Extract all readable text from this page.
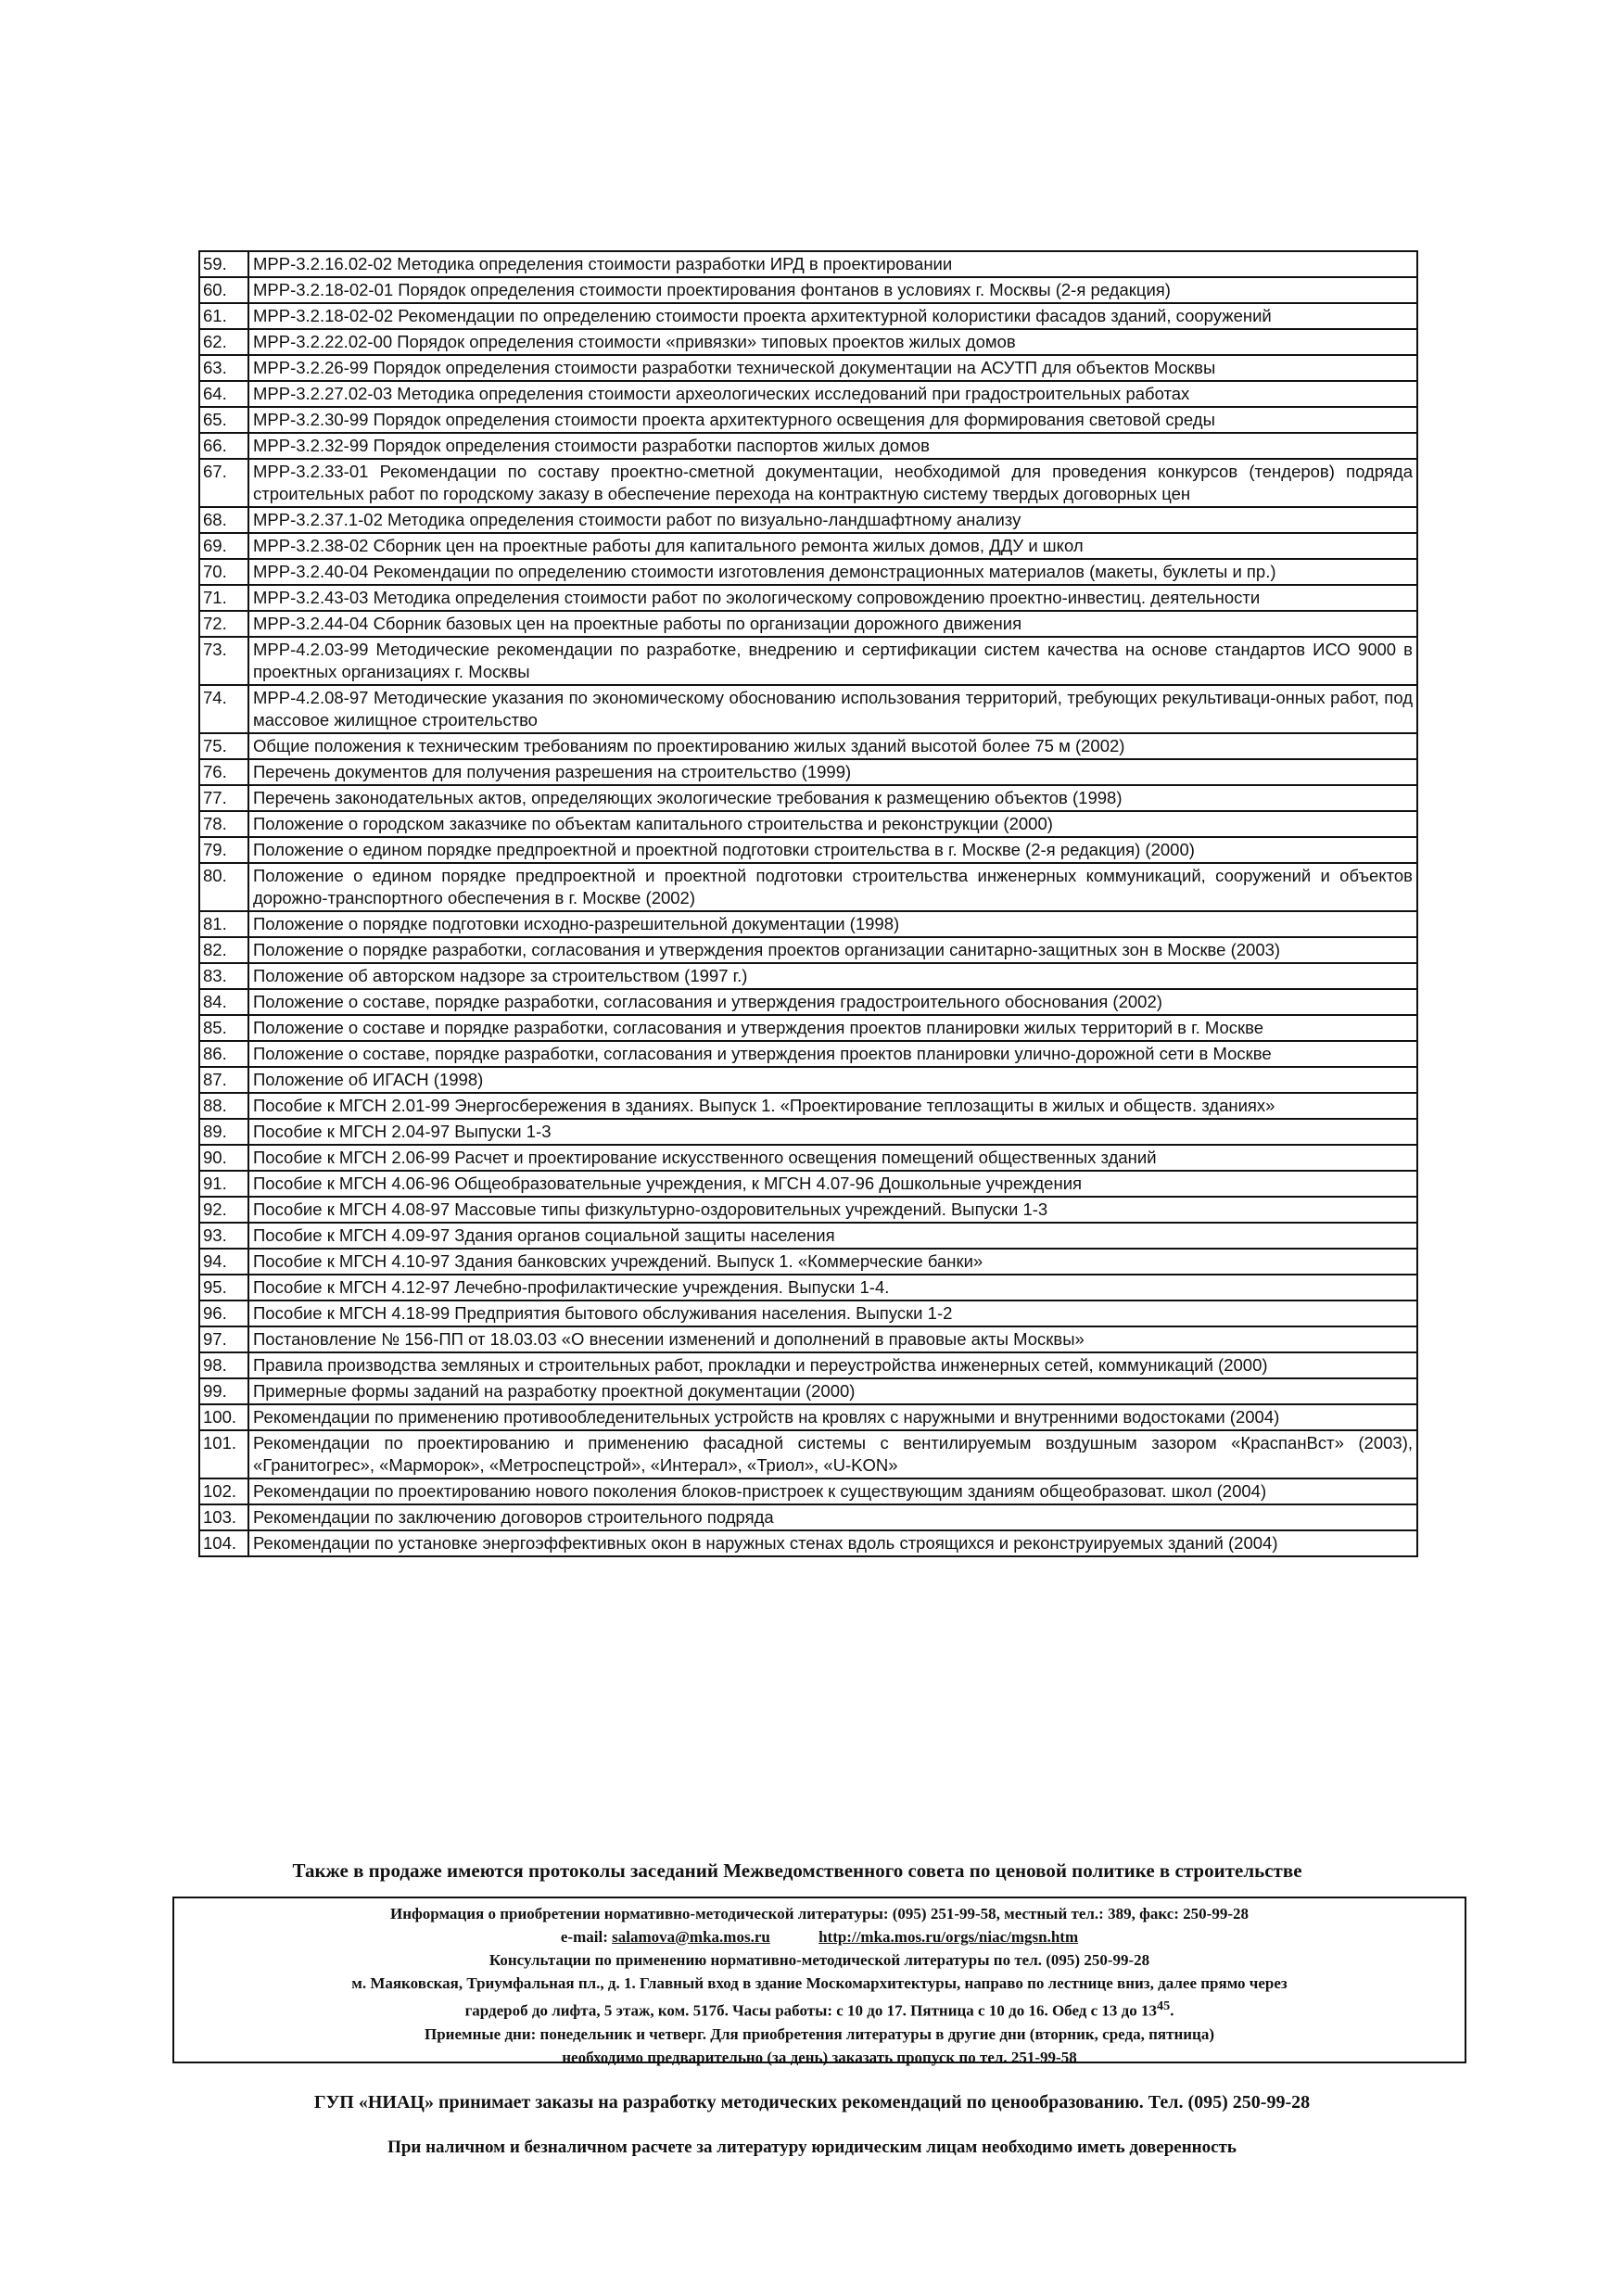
59.	МРР-3.2.16.02-02 Методика определения стоимости разработки ИРД в проектировании
60.	МРР-3.2.18-02-01 Порядок определения стоимости проектирования фонтанов в условиях г. Москвы (2-я редакция)
61.	МРР-3.2.18-02-02 Рекомендации по определению стоимости проекта архитектурной колористики фасадов зданий, сооружений
62.	МРР-3.2.22.02-00 Порядок определения стоимости «привязки» типовых проектов жилых домов
63.	МРР-3.2.26-99 Порядок определения стоимости разработки технической документации на АСУТП для объектов Москвы
64.	МРР-3.2.27.02-03 Методика определения стоимости археологических исследований при градостроительных работах
65.	МРР-3.2.30-99 Порядок определения стоимости проекта архитектурного освещения для формирования световой среды
66.	МРР-3.2.32-99 Порядок определения стоимости разработки паспортов жилых домов
67.	МРР-3.2.33-01 Рекомендации по составу проектно-сметной документации, необходимой для проведения конкурсов (тендеров) подряда строительных работ по городскому заказу в обеспечение перехода на контрактную систему твердых договорных цен
68.	МРР-3.2.37.1-02 Методика определения стоимости работ по визуально-ландшафтному анализу
69.	МРР-3.2.38-02 Сборник цен на проектные работы для капитального ремонта жилых домов, ДДУ и школ
70.	МРР-3.2.40-04 Рекомендации по определению стоимости изготовления демонстрационных материалов (макеты, буклеты и пр.)
71.	МРР-3.2.43-03 Методика определения стоимости работ по экологическому сопровождению проектно-инвестиц. деятельности
72.	МРР-3.2.44-04 Сборник базовых цен на проектные работы по организации дорожного движения
73.	МРР-4.2.03-99 Методические рекомендации по разработке, внедрению и сертификации систем качества на основе стандартов ИСО 9000 в проектных организациях г. Москвы
74.	МРР-4.2.08-97 Методические указания по экономическому обоснованию использования территорий, требующих рекультиваци-онных работ, под массовое жилищное строительство
75.	Общие положения к техническим требованиям по проектированию жилых зданий высотой более 75 м (2002)
76.	Перечень документов для получения разрешения на строительство (1999)
77.	Перечень законодательных актов, определяющих экологические требования к размещению объектов (1998)
78.	Положение о городском заказчике по объектам капитального строительства и реконструкции (2000)
79.	Положение о едином порядке предпроектной и проектной подготовки строительства в г. Москве (2-я редакция) (2000)
80.	Положение о едином порядке предпроектной и проектной подготовки строительства инженерных коммуникаций, сооружений и объектов дорожно-транспортного обеспечения в г. Москве (2002)
81.	Положение о порядке подготовки исходно-разрешительной документации (1998)
82.	Положение о порядке разработки, согласования и утверждения проектов организации санитарно-защитных зон в Москве (2003)
83.	Положение об авторском надзоре за строительством (1997 г.)
84.	Положение о составе, порядке разработки, согласования и утверждения градостроительного обоснования (2002)
85.	Положение о составе и порядке разработки, согласования и утверждения проектов планировки жилых территорий в г. Москве
86.	Положение о составе, порядке разработки, согласования и утверждения проектов планировки улично-дорожной сети в Москве
87.	Положение об ИГАСН (1998)
88.	Пособие к МГСН 2.01-99 Энергосбережения в зданиях. Выпуск 1. «Проектирование теплозащиты в жилых и обществ. зданиях»
89.	Пособие к МГСН 2.04-97 Выпуски 1-3
90.	Пособие к МГСН 2.06-99 Расчет и проектирование искусственного освещения помещений общественных зданий
91.	Пособие к МГСН 4.06-96 Общеобразовательные учреждения, к МГСН 4.07-96 Дошкольные учреждения
92.	Пособие к МГСН 4.08-97 Массовые типы физкультурно-оздоровительных учреждений. Выпуски 1-3
93.	Пособие к МГСН 4.09-97 Здания органов социальной защиты населения
94.	Пособие к МГСН 4.10-97 Здания банковских учреждений. Выпуск 1. «Коммерческие банки»
95.	Пособие к МГСН 4.12-97 Лечебно-профилактические учреждения. Выпуски 1-4.
96.	Пособие к МГСН 4.18-99 Предприятия бытового обслуживания населения. Выпуски 1-2
97.	Постановление № 156-ПП от 18.03.03 «О внесении изменений и дополнений в правовые акты Москвы»
98.	Правила производства земляных и строительных работ, прокладки и переустройства инженерных сетей, коммуникаций (2000)
99.	Примерные формы заданий на разработку проектной документации (2000)
100.	Рекомендации по применению противообледенительных устройств на кровлях с наружными и внутренними водостоками (2004)
101.	Рекомендации по проектированию и применению фасадной системы с вентилируемым воздушным зазором «КраспанВст» (2003), «Гранитогрес», «Марморок», «Метроспецстрой», «Интерал», «Триол», «U-KON»
102.	Рекомендации по проектированию нового поколения блоков-пристроек к существующим зданиям общеобразоват. школ (2004)
103.	Рекомендации по заключению договоров строительного подряда
104.	Рекомендации по установке энергоэффективных окон в наружных стенах вдоль строящихся и реконструируемых зданий (2004)
Также в продаже имеются протоколы заседаний Межведомственного совета по ценовой политике в строительстве
Информация о приобретении нормативно-методической литературы: (095) 251-99-58, местный тел.: 389, факс: 250-99-28
e-mail: salamova@mka.mos.ru	http://mka.mos.ru/orgs/niac/mgsn.htm
Консультации по применению нормативно-методической литературы по тел. (095) 250-99-28
м. Маяковская, Триумфальная пл., д. 1. Главный вход в здание Москомархитектуры, направо по лестнице вниз, далее прямо через
гардероб до лифта, 5 этаж, ком. 517б. Часы работы: с 10 до 17. Пятница с 10 до 16. Обед с 13 до $13^{45}$.
Приемные дни: понедельник и четверг. Для приобретения литературы в другие дни (вторник, среда, пятница)
необходимо предварительно (за день) заказать пропуск по тел. 251-99-58
ГУП «НИАЦ» принимает заказы на разработку методических рекомендаций по ценообразованию. Тел. (095) 250-99-28
При наличном и безналичном расчете за литературу юридическим лицам необходимо иметь доверенность
